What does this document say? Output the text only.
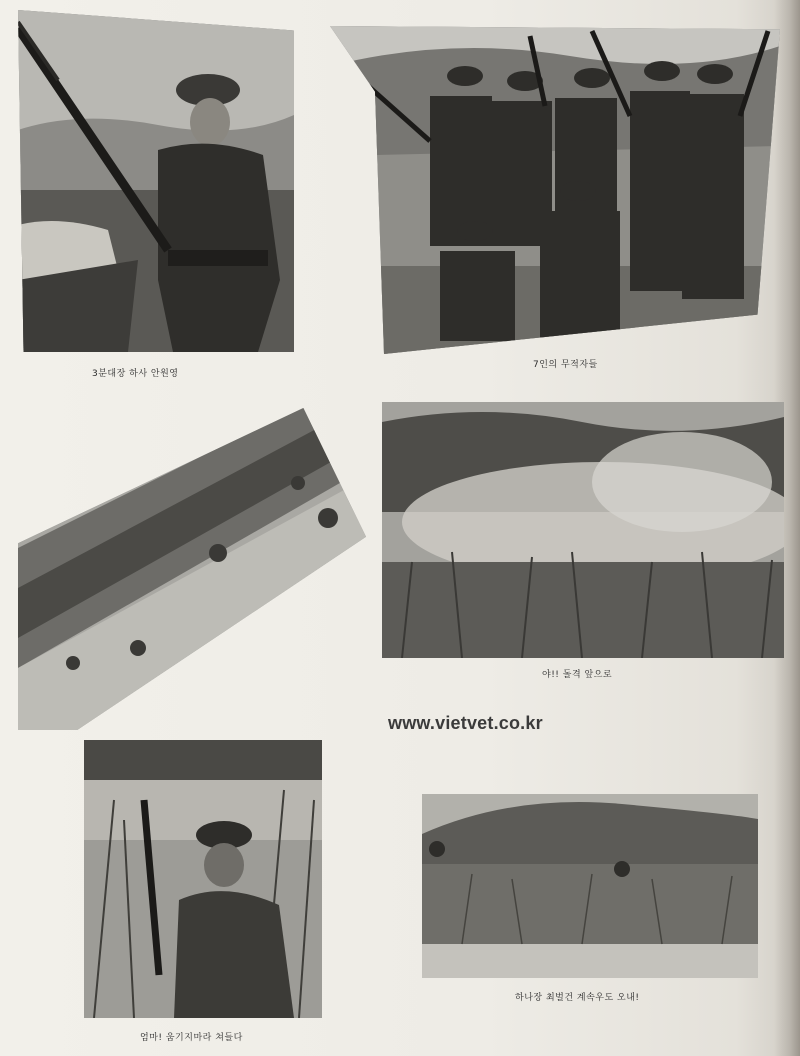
3분대장 하사 안원영
7인의 무적자들
야!! 돌격 앞으로
www.vietvet.co.kr
엄마! 움기지마라 쳐들다
하나장 최벌건 계속우도 오내!
